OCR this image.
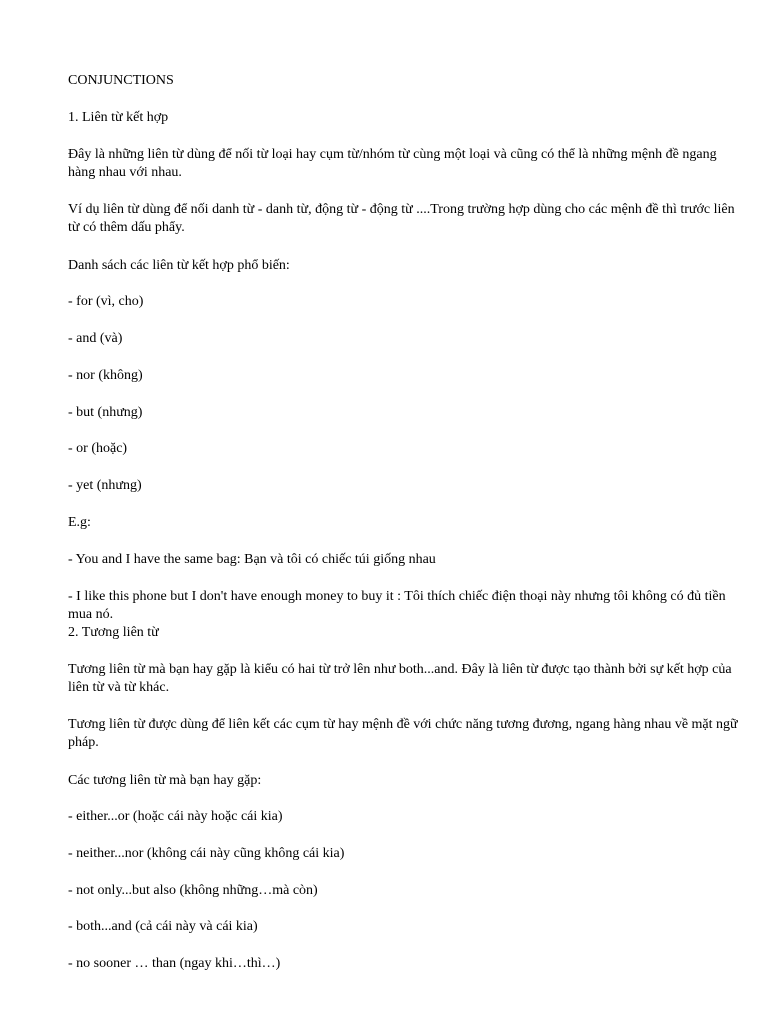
CONJUNCTIONS
1. Liên từ kết hợp
Đây là những liên từ dùng để nối từ loại hay cụm từ/nhóm từ cùng một loại và cũng có thể là những mệnh đề ngang hàng nhau với nhau.
Ví dụ liên từ dùng để nối danh từ - danh từ, động từ - động từ ....Trong trường hợp dùng cho các mệnh đề thì trước liên từ có thêm dấu phẩy.
Danh sách các liên từ kết hợp phổ biến:
- for (vì, cho)
- and (và)
- nor (không)
- but (nhưng)
- or (hoặc)
- yet (nhưng)
E.g:
- You and I have the same bag: Bạn và tôi có chiếc túi giống nhau
- I like this phone but I don't have enough money to buy it : Tôi thích chiếc điện thoại này nhưng tôi không có đủ tiền mua nó.
2. Tương liên từ
Tương liên từ mà bạn hay gặp là kiểu có hai từ trở lên như both...and. Đây là liên từ được tạo thành bởi sự kết hợp của liên từ và từ khác.
Tương liên từ được dùng để liên kết các cụm từ hay mệnh đề với chức năng tương đương, ngang hàng nhau về mặt ngữ pháp.
Các tương liên từ mà bạn hay gặp:
- either...or (hoặc cái này hoặc cái kia)
- neither...nor (không cái này cũng không cái kia)
- not only...but also (không những…mà còn)
- both...and (cả cái này và cái kia)
- no sooner … than (ngay khi…thì…)
